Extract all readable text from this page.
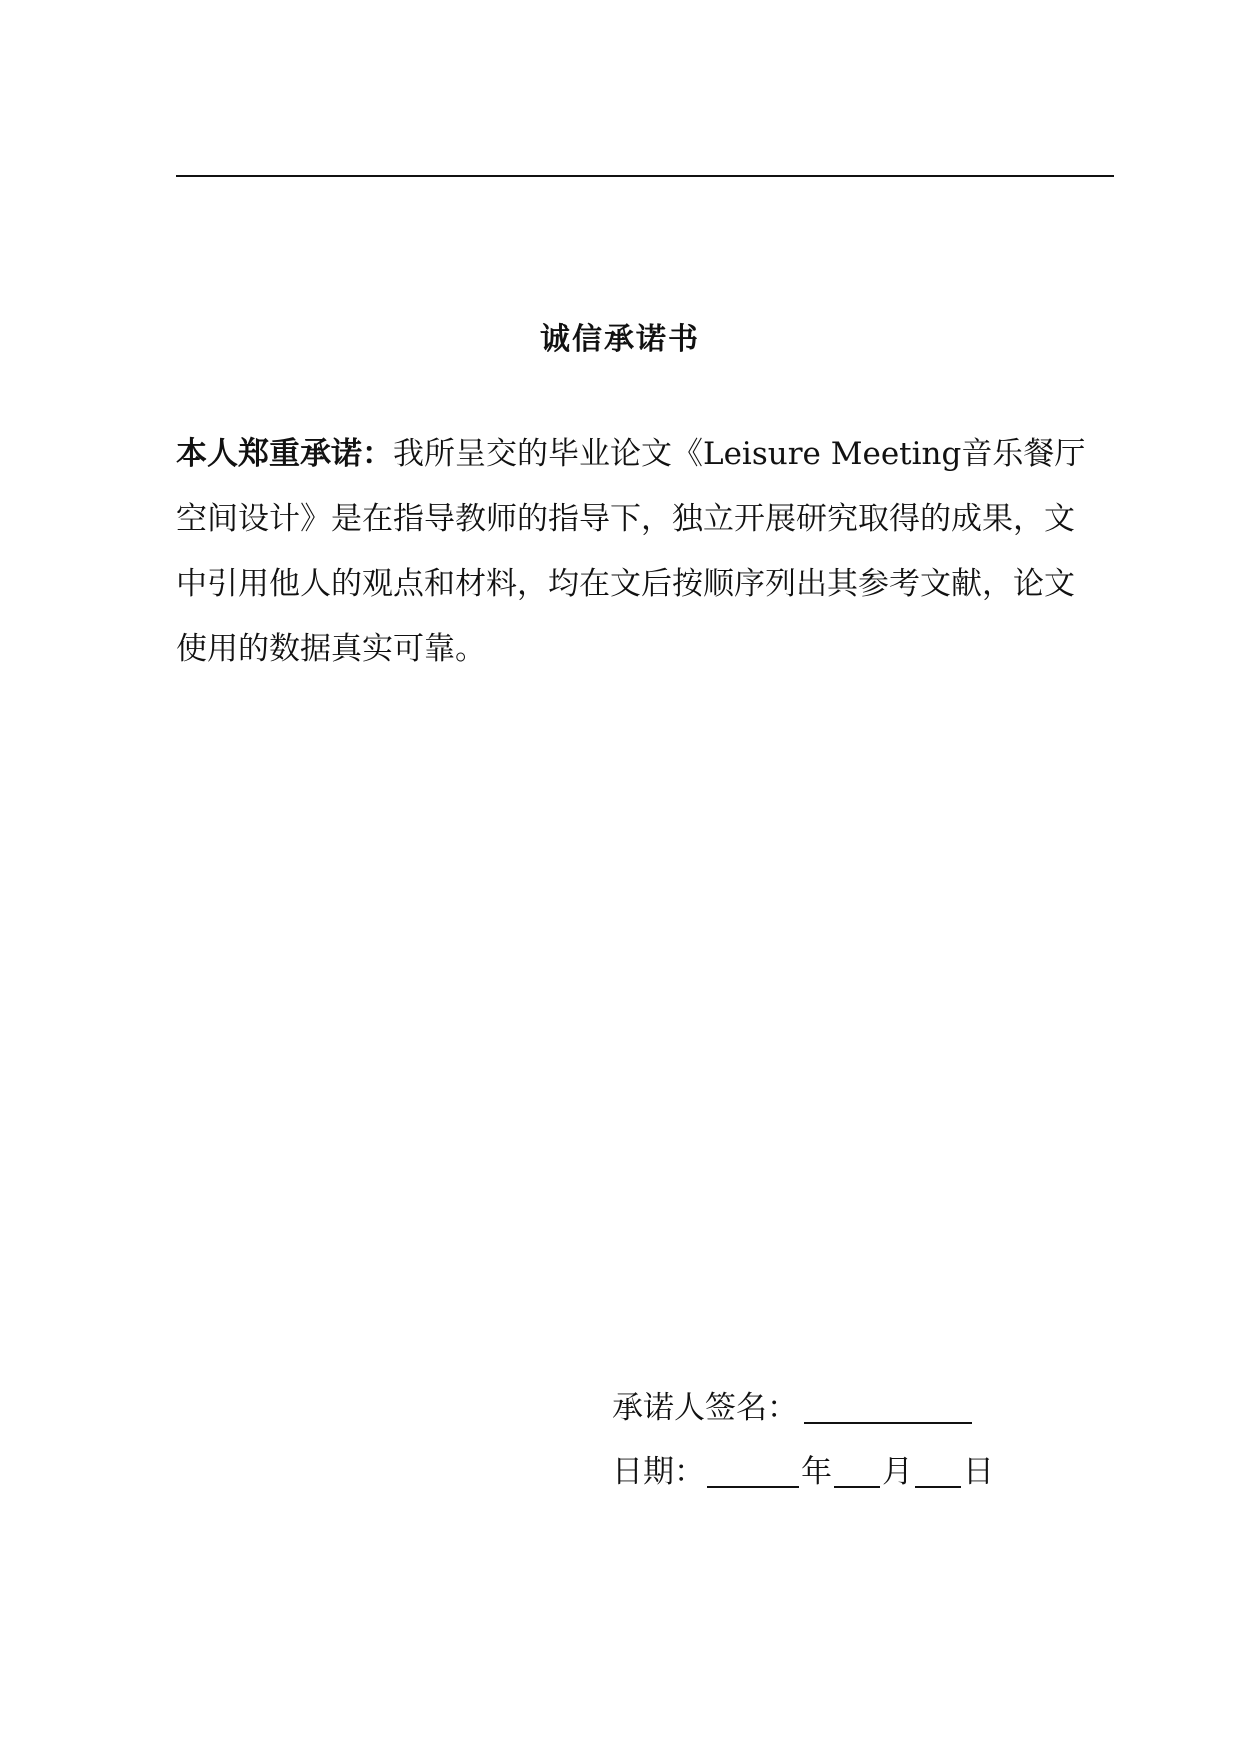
诚信承诺书
本人郑重承诺：我所呈交的毕业论文《Leisure Meeting音乐餐厅
空间设计》是在指导教师的指导下，独立开展研究取得的成果，文
中引用他人的观点和材料，均在文后按顺序列出其参考文献，论文
使用的数据真实可靠。
承诺人签名：
日期：	年 月 日
